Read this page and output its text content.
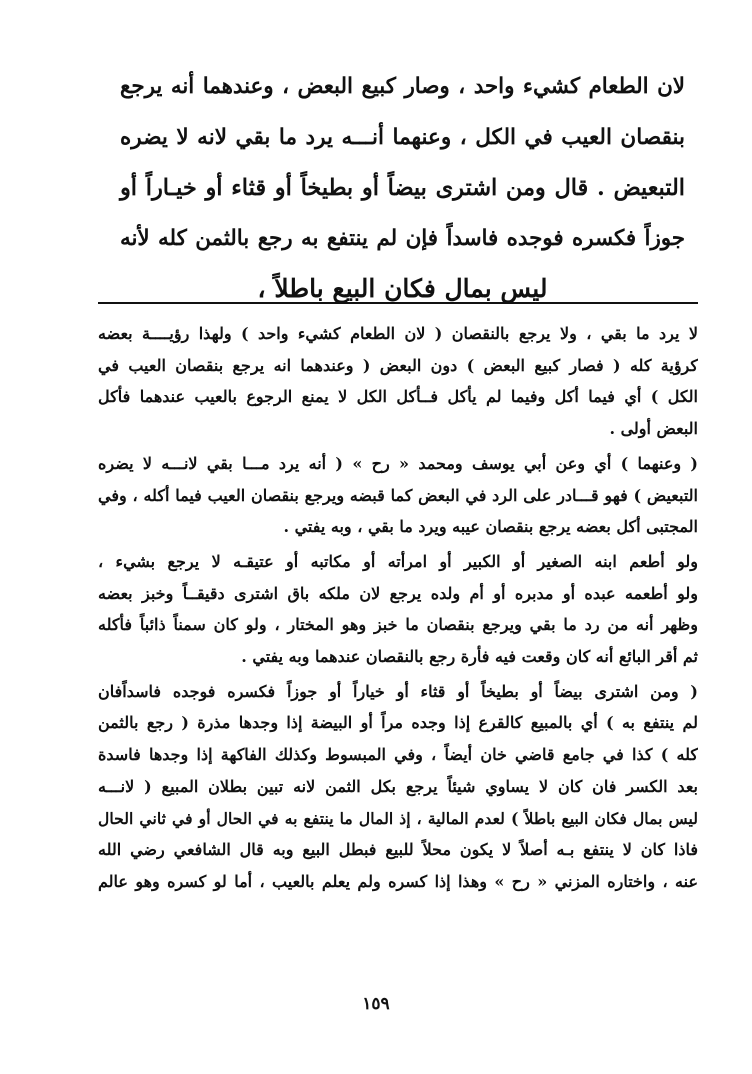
لان الطعام كشيء واحد ، وصار كبيع البعض ، وعندهما أنه يرجع
بنقصان العيب في الكل ، وعنهما أنـــه يرد ما بقي لانه لا يضره
التبعيض . قال ومن اشترى بيضاً أو بطيخاً أو قثاء أو خيـاراً أو
جوزاً فكسره فوجده فاسداً فإن لم ينتفع به رجع بالثمن كله لأنه
ليس بمال فكان البيع باطلاً ،
لا يرد ما بقي ، ولا يرجع بالنقصان ( لان الطعام كشيء واحد ) ولهذا رؤيــــة بعضه
كرؤية كله ( فصار كبيع البعض ) دون البعض ( وعندهما انه يرجع بنقصان العيب في
الكل ) أي فيما أكل وفيما لم يأكل فــأكل الكل لا يمنع الرجوع بالعيب عندهما فأكل
البعض أولى .
( وعنهما ) أي وعن أبي يوسف ومحمد « رح » ( أنه يرد مـــا بقي لانـــه لا يضره
التبعيض ) فهو قـــادر على الرد في البعض كما قبضه ويرجع بنقصان العيب فيما أكله ، وفي
المجتبى أكل بعضه يرجع بنقصان عيبه ويرد ما بقي ، وبه يفتي .
ولو أطعم ابنه الصغير أو الكبير أو امرأته أو مكاتبه أو عتيقـه لا يرجع بشيء ،
ولو أطعمه عبده أو مدبره أو أم ولده يرجع لان ملكه باق اشترى دقيقــاً وخبز بعضه
وظهر أنه من رد ما بقي ويرجع بنقصان ما خبز وهو المختار ، ولو كان سمناً ذائباً فأكله
ثم أقر البائع أنه كان وقعت فيه فأرة رجع بالنقصان عندهما وبه يفتي .
( ومن اشترى بيضاً أو بطيخاً أو قثاء أو خياراً أو جوزاً فكسره فوجده فاسداًفان
لم ينتفع به ) أي بالمبيع كالقرع إذا وجده مراً أو البيضة إذا وجدها مذرة ( رجع بالثمن
كله ) كذا في جامع قاضي خان أيضاً ، وفي المبسوط وكذلك الفاكهة إذا وجدها فاسدة
بعد الكسر فان كان لا يساوي شيئاً يرجع بكل الثمن لانه تبين بطلان المبيع ( لانـــه
ليس بمال فكان البيع باطلاً ) لعدم المالية ، إذ المال ما ينتفع به في الحال أو في ثاني الحال
فاذا كان لا ينتفع بـه أصلاً لا يكون محلاً للبيع فبطل البيع وبه قال الشافعي رضي الله
عنه ، واختاره المزني « رح » وهذا إذا كسره ولم يعلم بالعيب ، أما لو كسره وهو عالم
١٥٩
